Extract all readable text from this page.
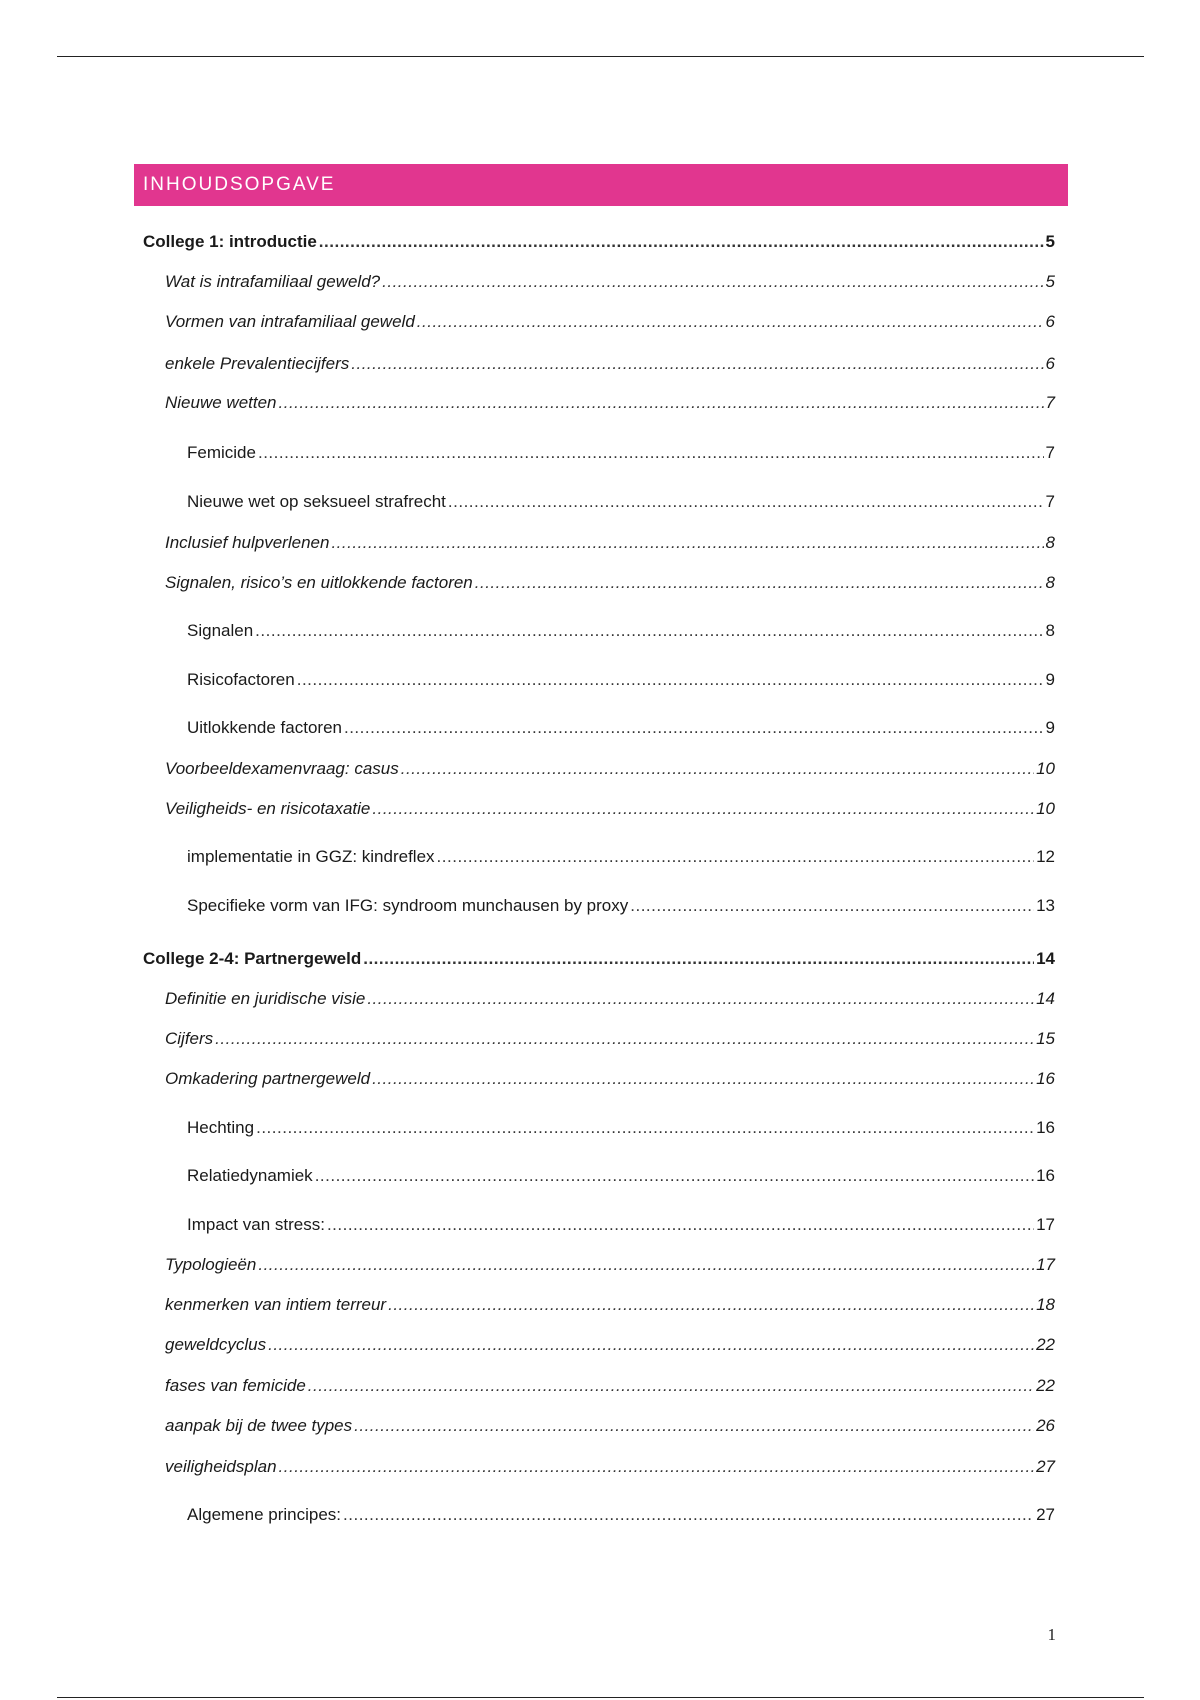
INHOUDSOPGAVE
College 1: introductie .....	5
Wat is intrafamiliaal geweld? .....	5
Vormen van intrafamiliaal geweld .....	6
enkele Prevalentiecijfers .....	6
Nieuwe wetten .....	7
Femicide .....	7
Nieuwe wet op seksueel strafrecht .....	7
Inclusief hulpverlenen .....	8
Signalen, risico’s en uitlokkende factoren .....	8
Signalen .....	8
Risicofactoren .....	9
Uitlokkende factoren .....	9
Voorbeeldexamenvraag: casus .....	10
Veiligheids- en risicotaxatie .....	10
implementatie in GGZ: kindreflex .....	12
Specifieke vorm van IFG: syndroom munchausen by proxy .....	13
College 2-4: Partnergeweld .....	14
Definitie en juridische visie .....	14
Cijfers .....	15
Omkadering partnergeweld .....	16
Hechting .....	16
Relatiedynamiek .....	16
Impact van stress: .....	17
Typologieën .....	17
kenmerken van intiem terreur .....	18
geweldcyclus .....	22
fases van femicide .....	22
aanpak bij de twee types .....	26
veiligheidsplan .....	27
Algemene principes: .....	27
1
